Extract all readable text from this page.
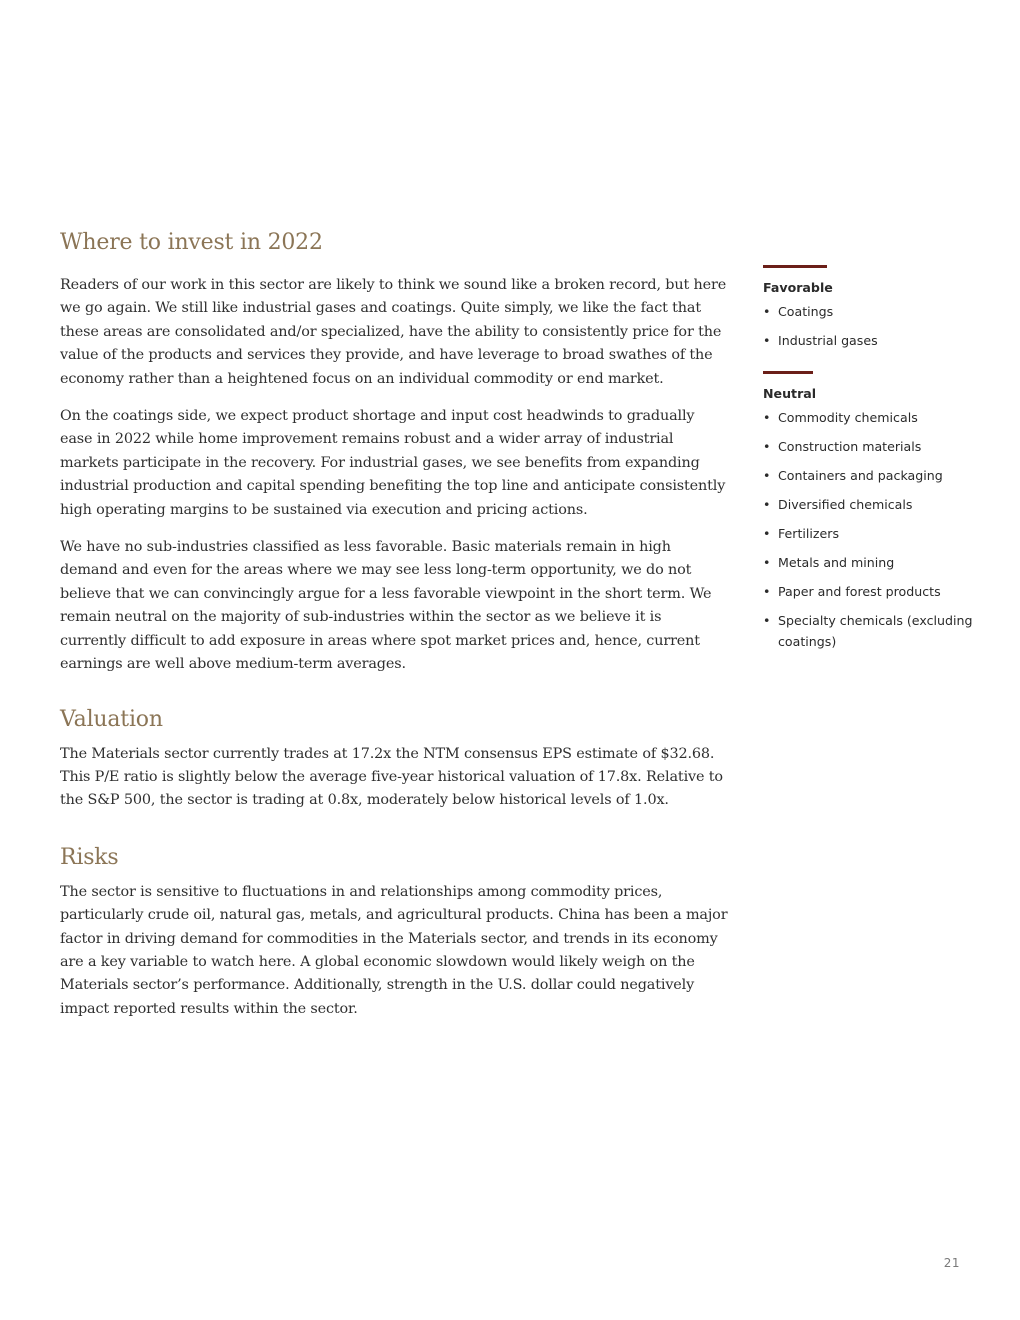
Where to invest in 2022

Readers of our work in this sector are likely to think we sound like a broken record, but here we go again. We still like industrial gases and coatings. Quite simply, we like the fact that these areas are consolidated and/or specialized, have the ability to consistently price for the value of the products and services they provide, and have leverage to broad swathes of the economy rather than a heightened focus on an individual commodity or end market.

On the coatings side, we expect product shortage and input cost headwinds to gradually ease in 2022 while home improvement remains robust and a wider array of industrial markets participate in the recovery. For industrial gases, we see benefits from expanding industrial production and capital spending benefiting the top line and anticipate consistently high operating margins to be sustained via execution and pricing actions.

We have no sub-industries classified as less favorable. Basic materials remain in high demand and even for the areas where we may see less long-term opportunity, we do not believe that we can convincingly argue for a less favorable viewpoint in the short term. We remain neutral on the majority of sub-industries within the sector as we believe it is currently difficult to add exposure in areas where spot market prices and, hence, current earnings are well above medium-term averages.

Valuation

The Materials sector currently trades at 17.2x the NTM consensus EPS estimate of $32.68. This P/E ratio is slightly below the average five-year historical valuation of 17.8x. Relative to the S&P 500, the sector is trading at 0.8x, moderately below historical levels of 1.0x.

Risks

The sector is sensitive to fluctuations in and relationships among commodity prices, particularly crude oil, natural gas, metals, and agricultural products. China has been a major factor in driving demand for commodities in the Materials sector, and trends in its economy are a key variable to watch here. A global economic slowdown would likely weigh on the Materials sector’s performance. Additionally, strength in the U.S. dollar could negatively impact reported results within the sector.

Favorable
• Coatings
• Industrial gases
Neutral
• Commodity chemicals
• Construction materials
• Containers and packaging
• Diversified chemicals
• Fertilizers
• Metals and mining
• Paper and forest products
• Specialty chemicals (excluding coatings)
21
